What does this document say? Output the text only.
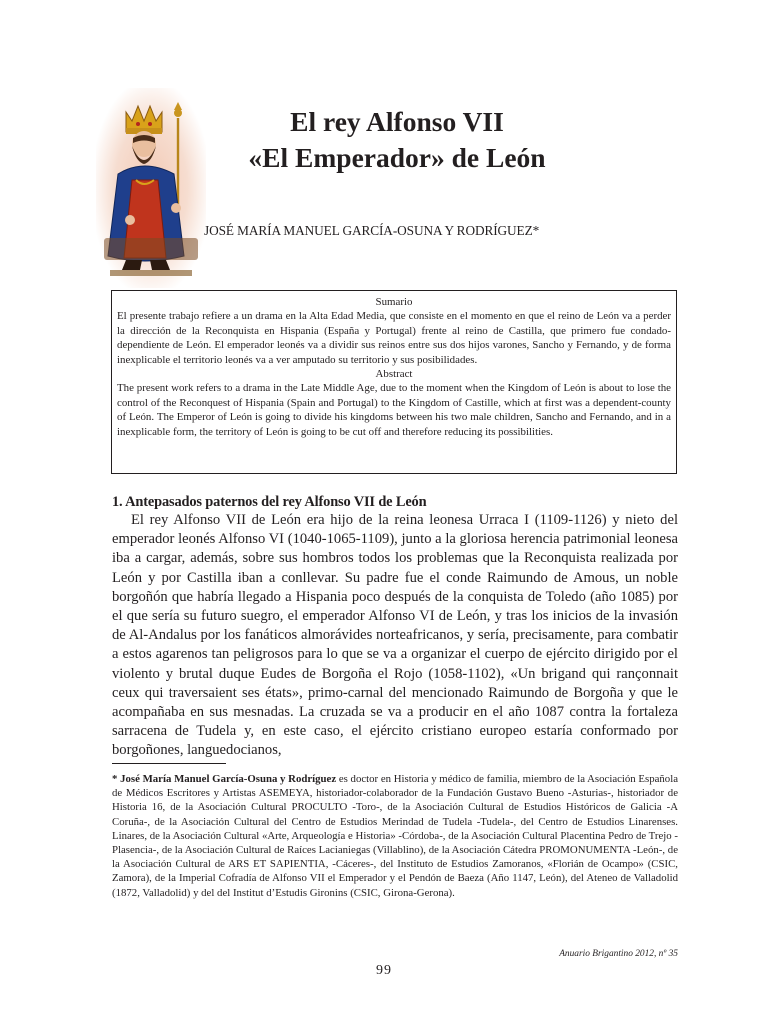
El rey Alfonso VII
«El Emperador» de León
JOSÉ MARÍA MANUEL GARCÍA-OSUNA Y RODRÍGUEZ*
Sumario

El presente trabajo refiere a un drama en la Alta Edad Media, que consiste en el momento en que el reino de León va a perder la dirección de la Reconquista en Hispania (España y Portugal) frente al reino de Castilla, que primero fue condado-dependiente de León. El emperador leonés va a dividir sus reinos entre sus dos hijos varones, Sancho y Fernando, y de forma inexplicable el territorio leonés va a ver amputado su territorio y sus posibilidades.

Abstract

The present work refers to a drama in the Late Middle Age, due to the moment when the Kingdom of León is about to lose the control of the Reconquest of Hispania (Spain and Portugal) to the Kingdom of Castille, which at first was a dependent-county of León. The Emperor of León is going to divide his kingdoms between his two male children, Sancho and Fernando, and in a inexplicable form, the territory of León is going to be cut off and therefore reducing its possibilities.

1. Antepasados paternos del rey Alfonso VII de León

El rey Alfonso VII de León era hijo de la reina leonesa Urraca I (1109-1126) y nieto del emperador leonés Alfonso VI (1040-1065-1109), junto a la gloriosa herencia patrimonial leonesa iba a cargar, además, sobre sus hombros todos los problemas que la Reconquista realizada por León y por Castilla iban a conllevar. Su padre fue el conde Raimundo de Amous, un noble borgoñón que habría llegado a Hispania poco después de la conquista de Toledo (año 1085) por el que sería su futuro suegro, el emperador Alfonso VI de León, y tras los inicios de la invasión de Al-Andalus por los fanáticos almorávides norteafricanos, y sería, precisamente, para combatir a estos agarenos tan peligrosos para lo que se va a organizar el cuerpo de ejército dirigido por el violento y brutal duque Eudes de Borgoña el Rojo (1058-1102), «Un brigand qui rançonnait ceux qui traversaient ses états», primo-carnal del mencionado Raimundo de Borgoña y que le acompañaba en sus mesnadas. La cruzada se va a producir en el año 1087 contra la fortaleza sarracena de Tudela y, en este caso, el ejército cristiano europeo estaría conformado por borgoñones, languedocianos,

* José María Manuel García-Osuna y Rodríguez es doctor en Historia y médico de familia, miembro de la Asociación Española de Médicos Escritores y Artistas ASEMEYA, historiador-colaborador de la Fundación Gustavo Bueno -Asturias-, historiador de Historia 16, de la Asociación Cultural PROCULTO -Toro-, de la Asociación Cultural de Estudios Históricos de Galicia -A Coruña-, de la Asociación Cultural del Centro de Estudios Merindad de Tudela -Tudela-, del Centro de Estudios Linarenses. Linares, de la Asociación Cultural «Arte, Arqueología e Historia» -Córdoba-, de la Asociación Cultural Placentina Pedro de Trejo -Plasencia-, de la Asociación Cultural de Raíces Lacianiegas (Villablino), de la Asociación Cátedra PROMONUMENTA -León-, de la Asociación Cultural de ARS ET SAPIENTIA, -Cáceres-, del Instituto de Estudios Zamoranos, «Florián de Ocampo» (CSIC, Zamora), de la Imperial Cofradía de Alfonso VII el Emperador y el Pendón de Baeza (Año 1147, León), del Ateneo de Valladolid (1872, Valladolid) y del del Institut d’Estudis Gironins (CSIC, Girona-Gerona).

Anuario Brigantino 2012, nº 35
99
